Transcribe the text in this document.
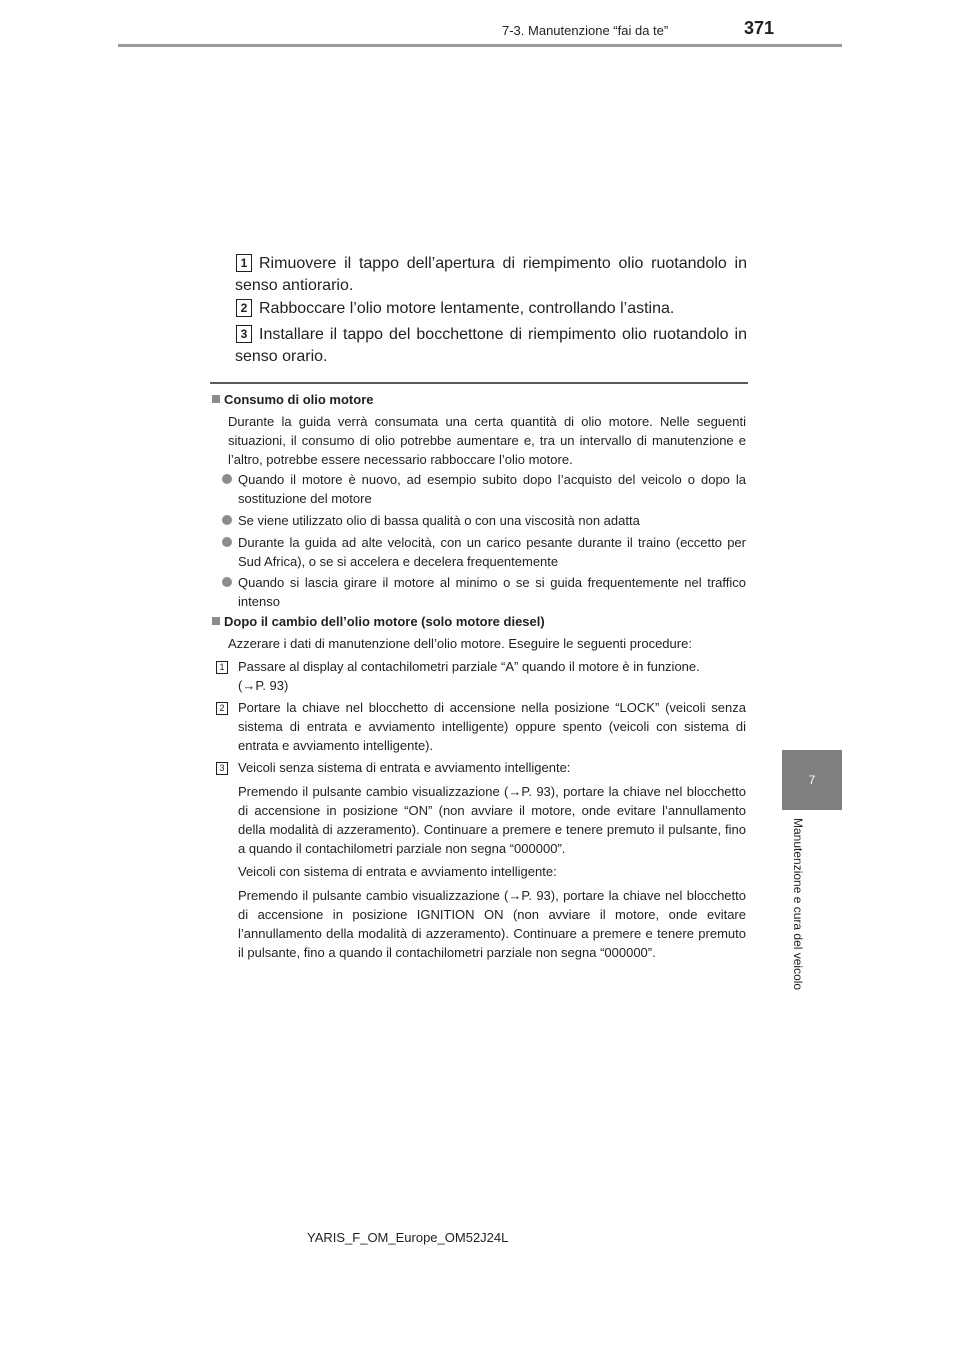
7-3. Manutenzione “fai da te”	371
7
Manutenzione e cura del veicolo
1 Rimuovere il tappo dell’apertura di riempimento olio ruotandolo in senso antiorario.
2 Rabboccare l’olio motore lentamente, controllando l’astina.
3 Installare il tappo del bocchettone di riempimento olio ruotandolo in senso orario.
Consumo di olio motore
Durante la guida verrà consumata una certa quantità di olio motore. Nelle seguenti situazioni, il consumo di olio potrebbe aumentare e, tra un intervallo di manutenzione e l’altro, potrebbe essere necessario rabboccare l’olio motore.
Quando il motore è nuovo, ad esempio subito dopo l’acquisto del veicolo o dopo la sostituzione del motore
Se viene utilizzato olio di bassa qualità o con una viscosità non adatta
Durante la guida ad alte velocità, con un carico pesante durante il traino (eccetto per Sud Africa), o se si accelera e decelera frequentemente
Quando si lascia girare il motore al minimo o se si guida frequentemente nel traffico intenso
Dopo il cambio dell’olio motore (solo motore diesel)
Azzerare i dati di manutenzione dell’olio motore. Eseguire le seguenti procedure:
1 Passare al display al contachilometri parziale “A” quando il motore è in funzione.
(→P. 93)
2 Portare la chiave nel blocchetto di accensione nella posizione “LOCK” (veicoli senza sistema di entrata e avviamento intelligente) oppure spento (veicoli con sistema di entrata e avviamento intelligente).
3 Veicoli senza sistema di entrata e avviamento intelligente:
Premendo il pulsante cambio visualizzazione (→P. 93), portare la chiave nel blocchetto di accensione in posizione “ON” (non avviare il motore, onde evitare l’annullamento della modalità di azzeramento). Continuare a premere e tenere premuto il pulsante, fino a quando il contachilometri parziale non segna “000000”.
Veicoli con sistema di entrata e avviamento intelligente:
Premendo il pulsante cambio visualizzazione (→P. 93), portare la chiave nel blocchetto di accensione in posizione IGNITION ON (non avviare il motore, onde evitare l’annullamento della modalità di azzeramento). Continuare a premere e tenere premuto il pulsante, fino a quando il contachilometri parziale non segna “000000”.
YARIS_F_OM_Europe_OM52J24L
